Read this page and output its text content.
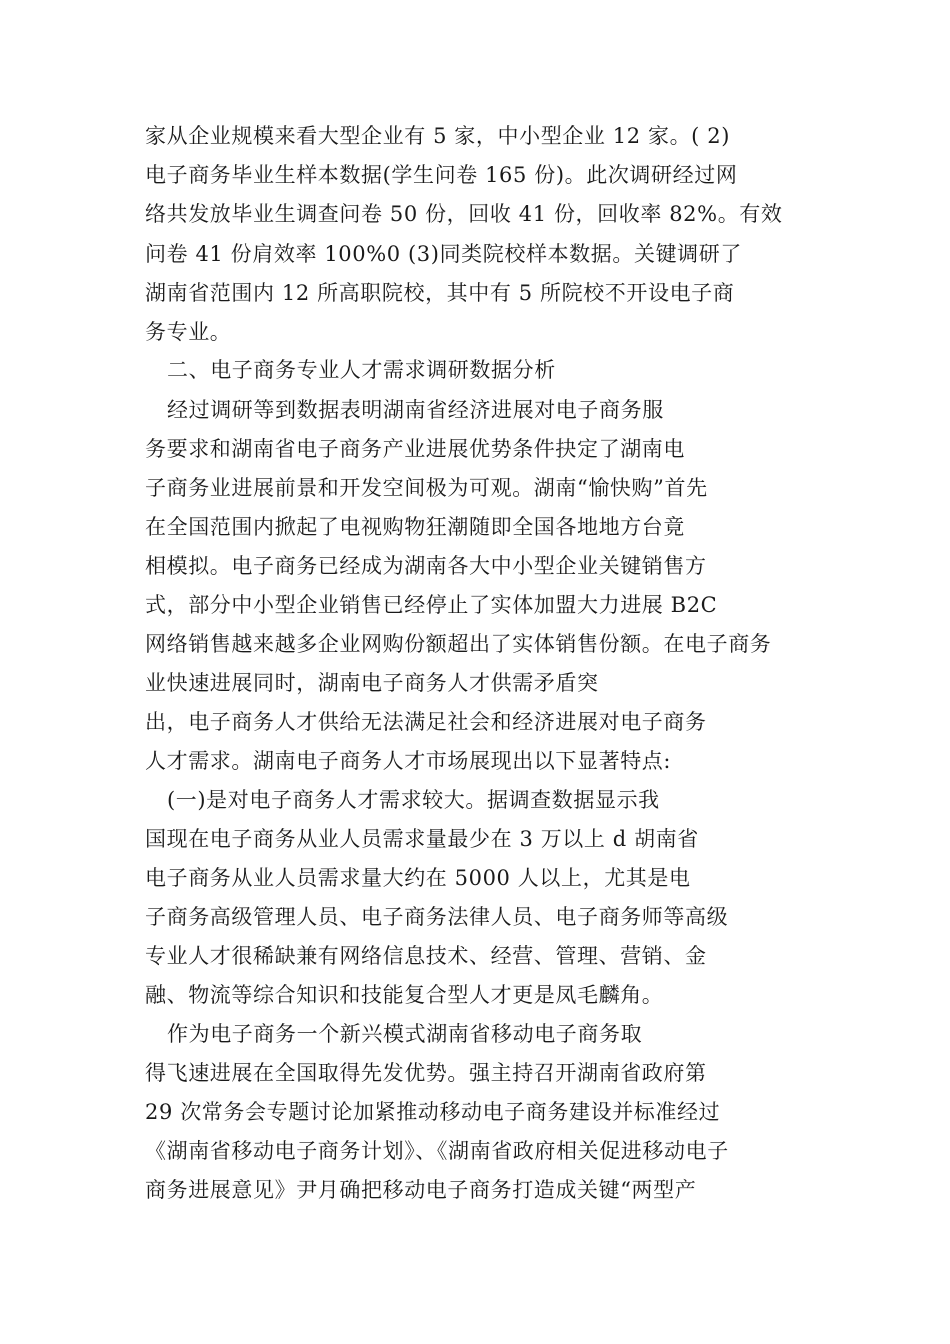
家从企业规模来看大型企业有 5 家，中小型企业 12 家。( 2)
电子商务毕业生样本数据(学生问卷 165 份)。此次调研经过网
络共发放毕业生调查问卷 50 份，回收 41 份，回收率 82%。有效
问卷 41 份肩效率 100%0 (3)同类院校样本数据。关键调研了
湖南省范围内 12 所高职院校，其中有 5 所院校不开设电子商
务专业。
二、电子商务专业人才需求调研数据分析
经过调研等到数据表明湖南省经济进展对电子商务服
务要求和湖南省电子商务产业进展优势条件抉定了湖南电
子商务业进展前景和开发空间极为可观。湖南“愉快购”首先
在全国范围内掀起了电视购物狂潮随即全国各地地方台竟
相模拟。电子商务已经成为湖南各大中小型企业关键销售方
式，部分中小型企业销售已经停止了实体加盟大力进展 B2C
网络销售越来越多企业网购份额超出了实体销售份额。在电子商务
业快速进展同时，湖南电子商务人才供需矛盾突
出，电子商务人才供给无法满足社会和经济进展对电子商务
人才需求。湖南电子商务人才市场展现出以下显著特点:
(一)是对电子商务人才需求较大。据调查数据显示我
国现在电子商务从业人员需求量最少在 3 万以上 d 胡南省
电子商务从业人员需求量大约在 5000 人以上，尤其是电
子商务高级管理人员、电子商务法律人员、电子商务师等高级
专业人才很稀缺兼有网络信息技术、经营、管理、营销、金
融、物流等综合知识和技能复合型人才更是凤毛麟角。
作为电子商务一个新兴模式湖南省移动电子商务取
得飞速进展在全国取得先发优势。强主持召开湖南省政府第
29 次常务会专题讨论加紧推动移动电子商务建设并标准经过
《湖南省移动电子商务计划》、《湖南省政府相关促进移动电子
商务进展意见》尹月确把移动电子商务打造成关键“两型产
